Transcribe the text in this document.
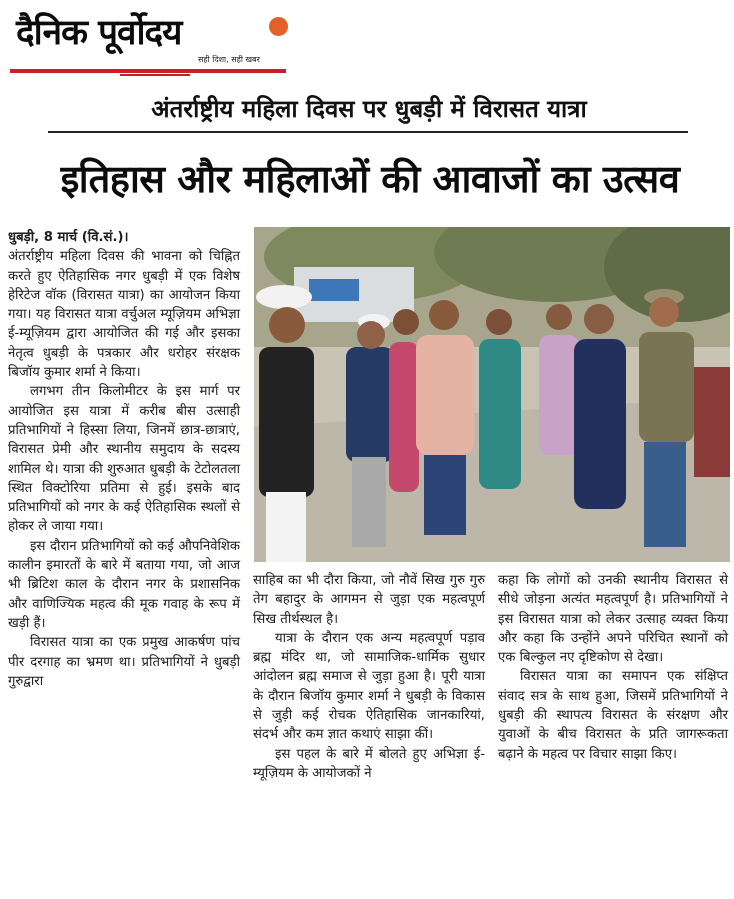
दैनिक पूर्वोदय
सही दिशा, सही खबर
अंतर्राष्ट्रीय महिला दिवस पर धुबड़ी में विरासत यात्रा
इतिहास और महिलाओं की आवाजों का उत्सव

धुबड़ी, 8 मार्च (वि.सं.)।
अंतर्राष्ट्रीय महिला दिवस की भावना को चिह्नित करते हुए ऐतिहासिक नगर धुबड़ी में एक विशेष हेरिटेज वॉक (विरासत यात्रा) का आयोजन किया गया। यह विरासत यात्रा वर्चुअल म्यूज़ियम अभिज्ञा ई-म्यूज़ियम द्वारा आयोजित की गई और इसका नेतृत्व धुबड़ी के पत्रकार और धरोहर संरक्षक बिजॉय कुमार शर्मा ने किया।

लगभग तीन किलोमीटर के इस मार्ग पर आयोजित इस यात्रा में करीब बीस उत्साही प्रतिभागियों ने हिस्सा लिया, जिनमें छात्र-छात्राएं, विरासत प्रेमी और स्थानीय समुदाय के सदस्य शामिल थे। यात्रा की शुरुआत धुबड़ी के टेटोलतला स्थित विक्टोरिया प्रतिमा से हुई। इसके बाद प्रतिभागियों को नगर के कई ऐतिहासिक स्थलों से होकर ले जाया गया।

इस दौरान प्रतिभागियों को कई औपनिवेशिक कालीन इमारतों के बारे में बताया गया, जो आज भी ब्रिटिश काल के दौरान नगर के प्रशासनिक और वाणिज्यिक महत्व की मूक गवाह के रूप में खड़ी हैं।

विरासत यात्रा का एक प्रमुख आकर्षण पांच पीर दरगाह का भ्रमण था। प्रतिभागियों ने धुबड़ी गुरुद्वारा

साहिब का भी दौरा किया, जो नौवें सिख गुरु गुरु तेग बहादुर के आगमन से जुड़ा एक महत्वपूर्ण सिख तीर्थस्थल है।

यात्रा के दौरान एक अन्य महत्वपूर्ण पड़ाव ब्रह्म मंदिर था, जो सामाजिक-धार्मिक सुधार आंदोलन ब्रह्म समाज से जुड़ा हुआ है। पूरी यात्रा के दौरान बिजॉय कुमार शर्मा ने धुबड़ी के विकास से जुड़ी कई रोचक ऐतिहासिक जानकारियां, संदर्भ और कम ज्ञात कथाएं साझा कीं।

इस पहल के बारे में बोलते हुए अभिज्ञा ई-म्यूज़ियम के आयोजकों ने

कहा कि लोगों को उनकी स्थानीय विरासत से सीधे जोड़ना अत्यंत महत्वपूर्ण है। प्रतिभागियों ने इस विरासत यात्रा को लेकर उत्साह व्यक्त किया और कहा कि उन्होंने अपने परिचित स्थानों को एक बिल्कुल नए दृष्टिकोण से देखा।

विरासत यात्रा का समापन एक संक्षिप्त संवाद सत्र के साथ हुआ, जिसमें प्रतिभागियों ने धुबड़ी की स्थापत्य विरासत के संरक्षण और युवाओं के बीच विरासत के प्रति जागरूकता बढ़ाने के महत्व पर विचार साझा किए।
